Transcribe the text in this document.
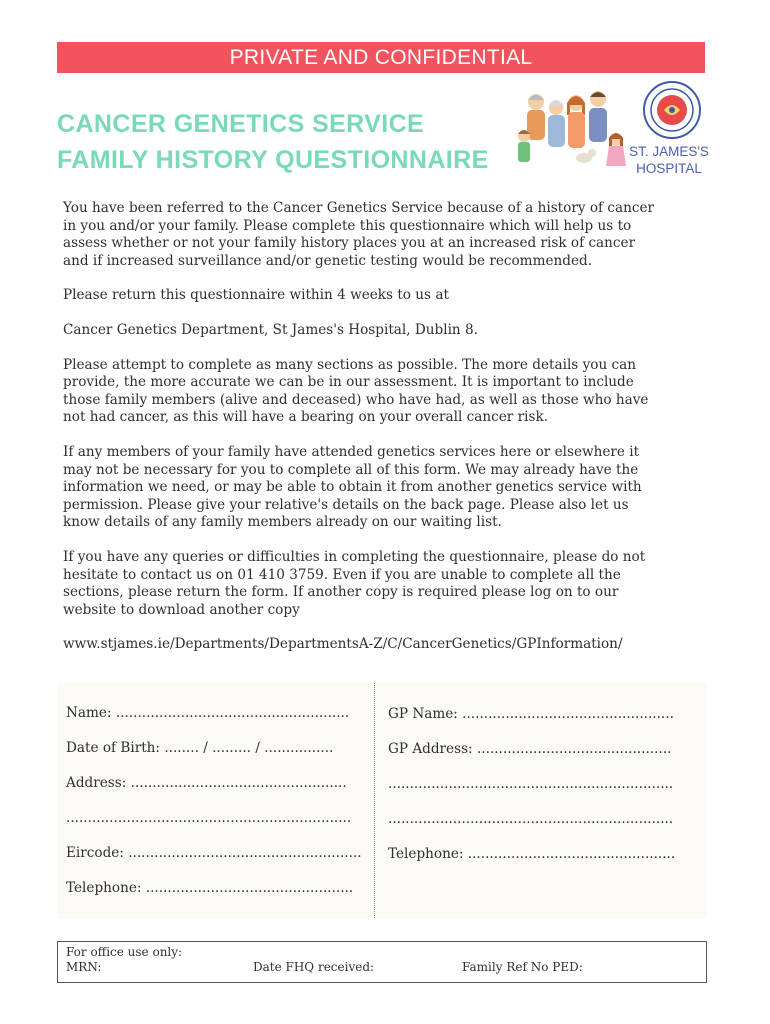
PRIVATE AND CONFIDENTIAL
CANCER GENETICS SERVICE
FAMILY HISTORY QUESTIONNAIRE	ST. JAMES'S
HOSPITAL

You have been referred to the Cancer Genetics Service because of a history of cancer
in you and/or your family. Please complete this questionnaire which will help us to
assess whether or not your family history places you at an increased risk of cancer
and if increased surveillance and/or genetic testing would be recommended.

Please return this questionnaire within 4 weeks to us at

Cancer Genetics Department, St James's Hospital, Dublin 8.

Please attempt to complete as many sections as possible. The more details you can
provide, the more accurate we can be in our assessment. It is important to include
those family members (alive and deceased) who have had, as well as those who have
not had cancer, as this will have a bearing on your overall cancer risk.

If any members of your family have attended genetics services here or elsewhere it
may not be necessary for you to complete all of this form. We may already have the
information we need, or may be able to obtain it from another genetics service with
permission. Please give your relative's details on the back page. Please also let us
know details of any family members already on our waiting list.

If you have any queries or difficulties in completing the questionnaire, please do not
hesitate to contact us on 01 410 3759. Even if you are unable to complete all the
sections, please return the form. If another copy is required please log on to our
website to download another copy

www.stjames.ie/Departments/DepartmentsA-Z/C/CancerGenetics/GPInformation/

Name: ......................................................
Date of Birth: ........ / ......... / ................
Address: ..................................................
..................................................................
Eircode: ......................................................
Telephone: ................................................
GP Name: .................................................
GP Address: .............................................
..................................................................
..................................................................
Telephone: ................................................
For office use only:
MRN:	Date FHQ received:	Family Ref No PED:
